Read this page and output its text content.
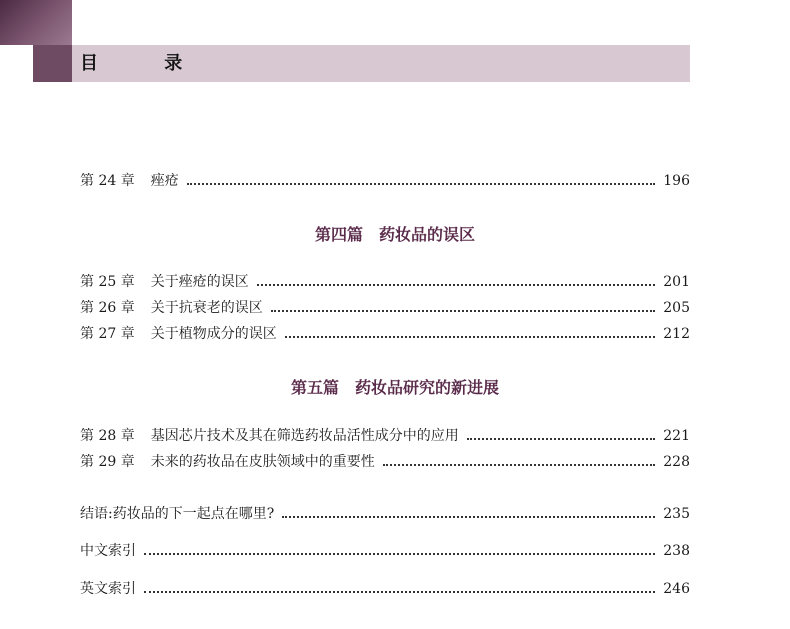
目 录
第 24 章 痤疮	196
第四篇 药妆品的误区
第 25 章 关于痤疮的误区	201
第 26 章 关于抗衰老的误区	205
第 27 章 关于植物成分的误区	212
第五篇 药妆品研究的新进展
第 28 章 基因芯片技术及其在筛选药妆品活性成分中的应用	221
第 29 章 未来的药妆品在皮肤领域中的重要性	228
结语:药妆品的下一起点在哪里?	235
中文索引	238
英文索引	246
